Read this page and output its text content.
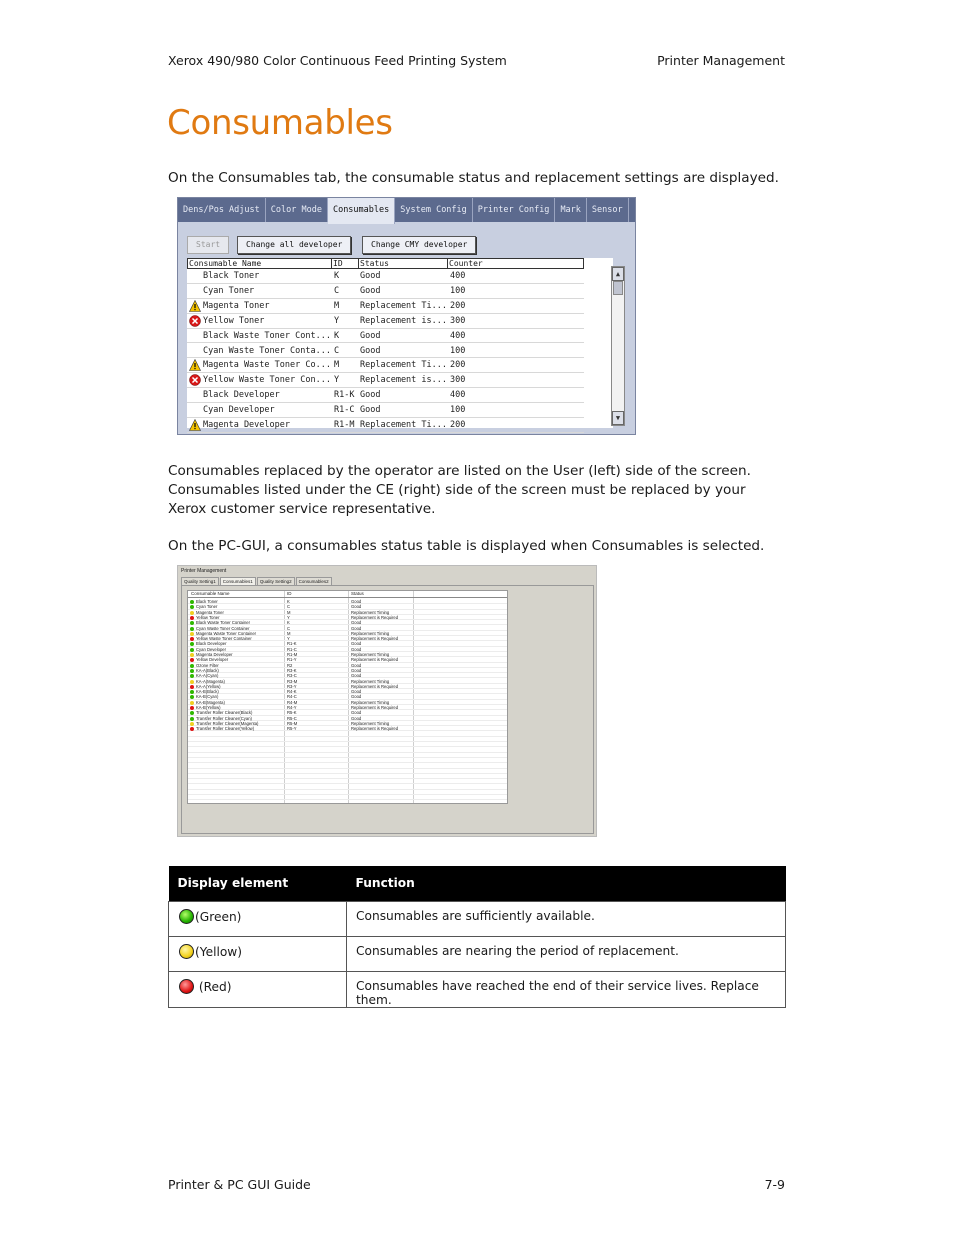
Xerox 490/980 Color Continuous Feed Printing System	Printer Management
Consumables

On the Consumables tab, the consumable status and replacement settings are displayed.

Dens/Pos Adjust	Color Mode	Consumables	System Config	Printer Config	Mark	Sensor
Start	Change all developer	Change CMY developer
Consumable Name	ID	Status	Counter
Black Toner	K Good	400
Cyan Toner	C Good	100
Magenta Toner	M Replacement Ti... 200
Yellow Toner	Y Replacement is... 300
Black Waste Toner Cont... K Good	400
Cyan Waste Toner Conta... C Good	100
Magenta Waste Toner Co... M Replacement Ti... 200
Yellow Waste Toner Con... Y Replacement is... 300
Black Developer	R1-K Good	400
Cyan Developer	R1-C Good	100
Magenta Developer	R1-M Replacement Ti... 200
▲
▼

Consumables replaced by the operator are listed on the User (left) side of the screen. Consumables listed under the CE (right) side of the screen must be replaced by your Xerox customer service representative.

On the PC-GUI, a consumables status table is displayed when Consumables is selected.

Printer Management
Quality Setting1	Consumables1	Quality Setting2	Consumables2
Consumable Name	ID	Status
Black Toner	K	Good
Cyan Toner	C	Good
Magenta Toner	M	Replacement Timing
Yellow Toner	Y	Replacement is Required
Black Waste Toner Container	K	Good
Cyan Waste Toner Container	C	Good
Magenta Waste Toner Container	M	Replacement Timing
Yellow Waste Toner Container	Y	Replacement is Required
Black Developer	R1-K	Good
Cyan Developer	R1-C	Good
Magenta Developer	R1-M	Replacement Timing
Yellow Developer	R1-Y	Replacement is Required
Ozone Filter	R2	Good
KA-A(Black)	R3-K	Good
KA-A(Cyan)	R3-C	Good
KA-A(Magenta)	R3-M	Replacement Timing
KA-A(Yellow)	R3-Y	Replacement is Required
KA-B(Black)	R4-K	Good
KA-B(Cyan)	R4-C	Good
KA-B(Magenta)	R4-M	Replacement Timing
KA-B(Yellow)	R4-Y	Replacement is Required
Transfer Roller Cleaner(Black)	R5-K	Good
Transfer Roller Cleaner(Cyan)	R5-C	Good
Transfer Roller Cleaner(Magenta)	R5-M	Replacement Timing
Transfer Roller Cleaner(Yellow)	R5-Y	Replacement is Required
Display element	Function
(Green)	Consumables are sufficiently available.
(Yellow)	Consumables are nearing the period of replacement.
(Red)	Consumables have reached the end of their service lives. Replace them.
Printer & PC GUI Guide	7-9
